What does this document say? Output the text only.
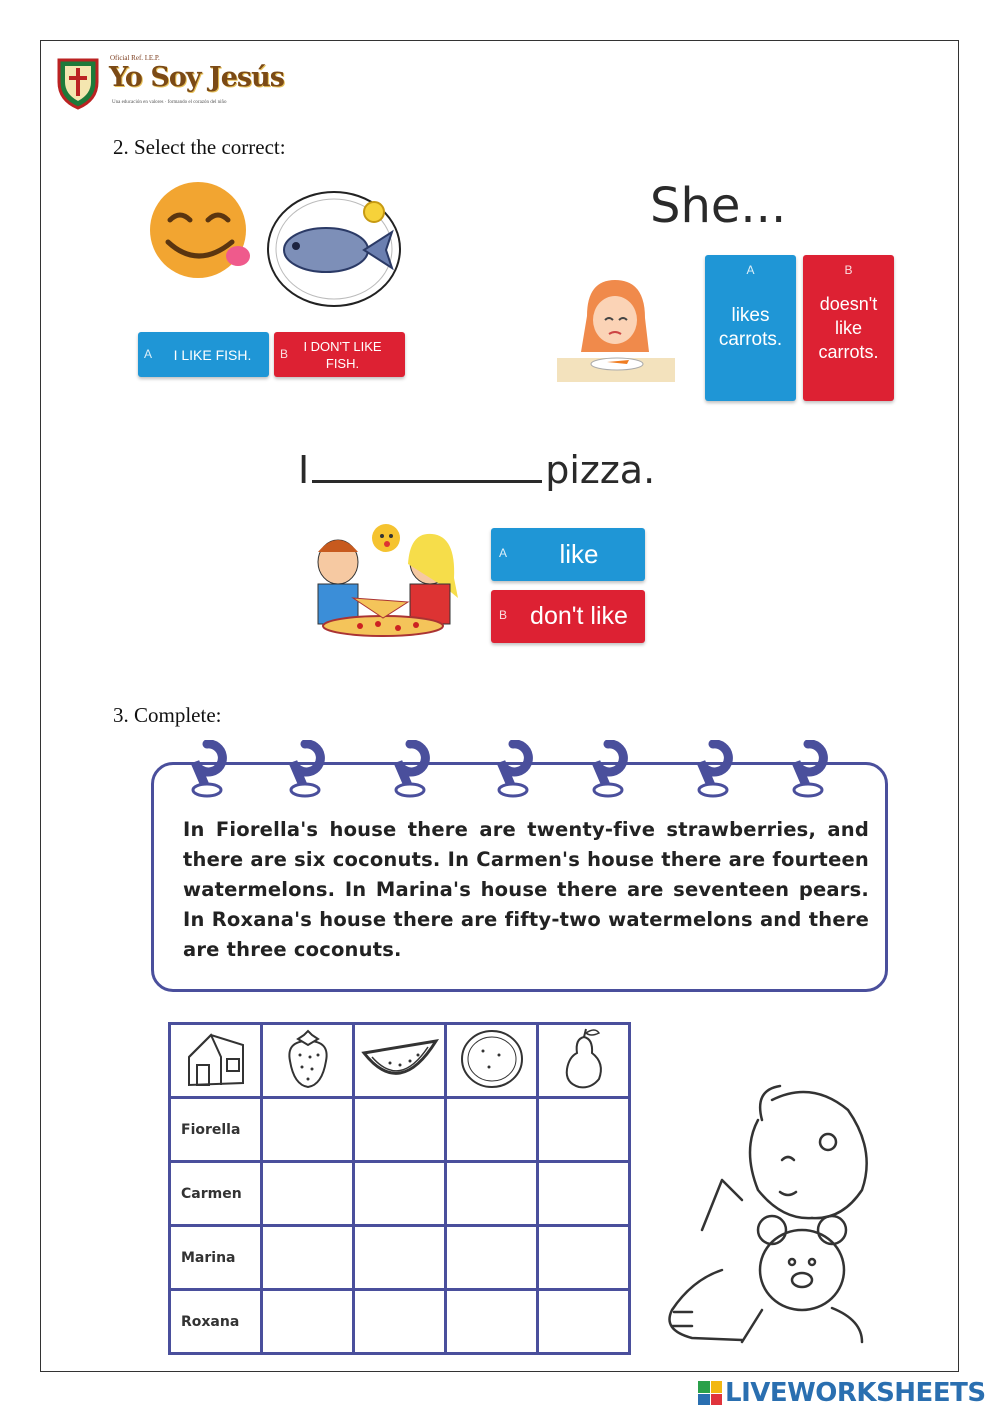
Oficial Ref. I.E.P.
Yo Soy Jesús
Una educación en valores · formando el corazón del niño
2. Select the correct:
A	I LIKE FISH.	B
I DON'T LIKE FISH.
She...
A
likes carrots.
B
doesn't like carrots.
I	pizza.
A	like
B don't like
3. Complete:
In Fiorella's house there are twenty-five strawberries, and there are six coconuts. In Carmen's house there are fourteen watermelons. In Marina's house there are seventeen pears. In Roxana's house there are fifty-two watermelons and there are three coconuts.

Fiorella				
Carmen				
Marina				
Roxana				
LIVEWORKSHEETS
